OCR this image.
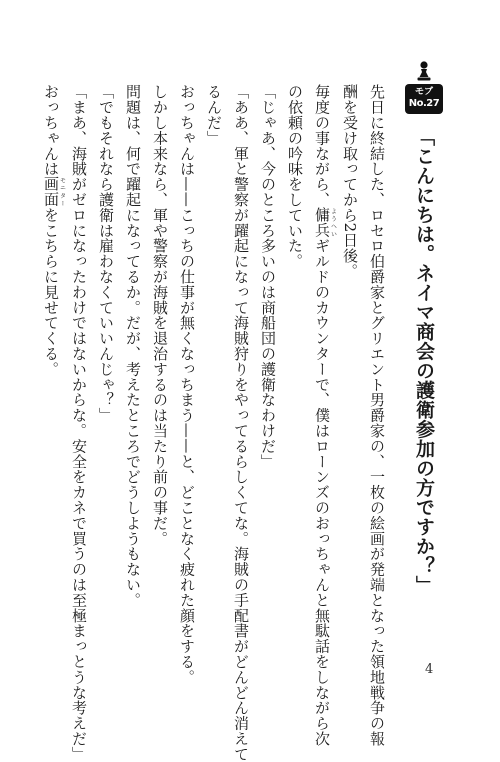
モブ
No.27
「こんにちは。ネイマ商会の護衛参加の方ですか？」

先日に終結した、ロセロ伯爵家とグリエント男爵家の、一枚の絵画が発端となった領地戦争の報

酬を受け取ってから2日後。

毎度の事ながら、傭兵ようへいギルドのカウンターで、僕はローンズのおっちゃんと無駄話をしながら次

の依頼の吟味をしていた。

「じゃあ、今のところ多いのは商船団の護衛なわけだ」

「ああ、軍と警察が躍起になって海賊狩りをやってるらしくてな。海賊の手配書がどんどん消えて

るんだ」

おっちゃんは——こっちの仕事が無くなっちまう——と、どことなく疲れた顔をする。

しかし本来なら、軍や警察が海賊を退治するのは当たり前の事だ。

問題は、何で躍起になってるか。だが、考えたところでどうしようもない。

「でもそれなら護衛は雇わなくていいんじゃ？」

「まあ、海賊がゼロになったわけではないからな。安全をカネで買うのは至極まっとうな考えだ」

おっちゃんは画面モニターをこちらに見せてくる。

4
